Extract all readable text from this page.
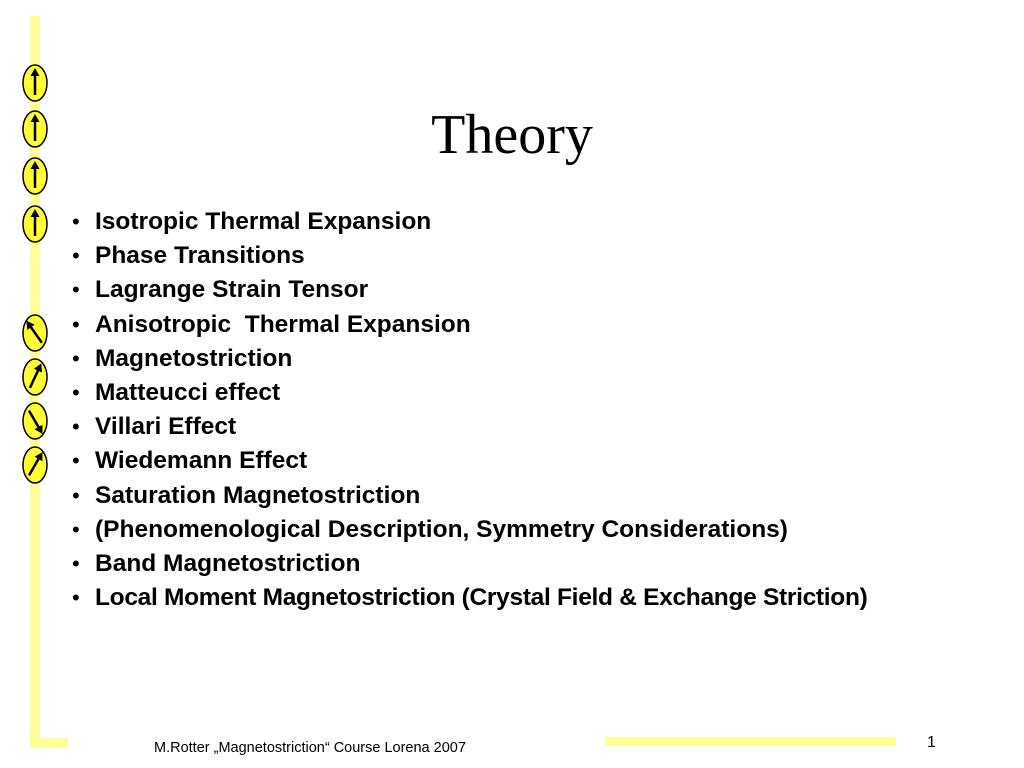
Theory
• Isotropic Thermal Expansion
• Phase Transitions
• Lagrange Strain Tensor
• Anisotropic  Thermal Expansion
• Magnetostriction
• Matteucci effect
• Villari Effect
• Wiedemann Effect
• Saturation Magnetostriction
• (Phenomenological Description, Symmetry Considerations)
• Band Magnetostriction
• Local Moment Magnetostriction (Crystal Field & Exchange Striction)
M.Rotter „Magnetostriction“ Course Lorena 2007	1
